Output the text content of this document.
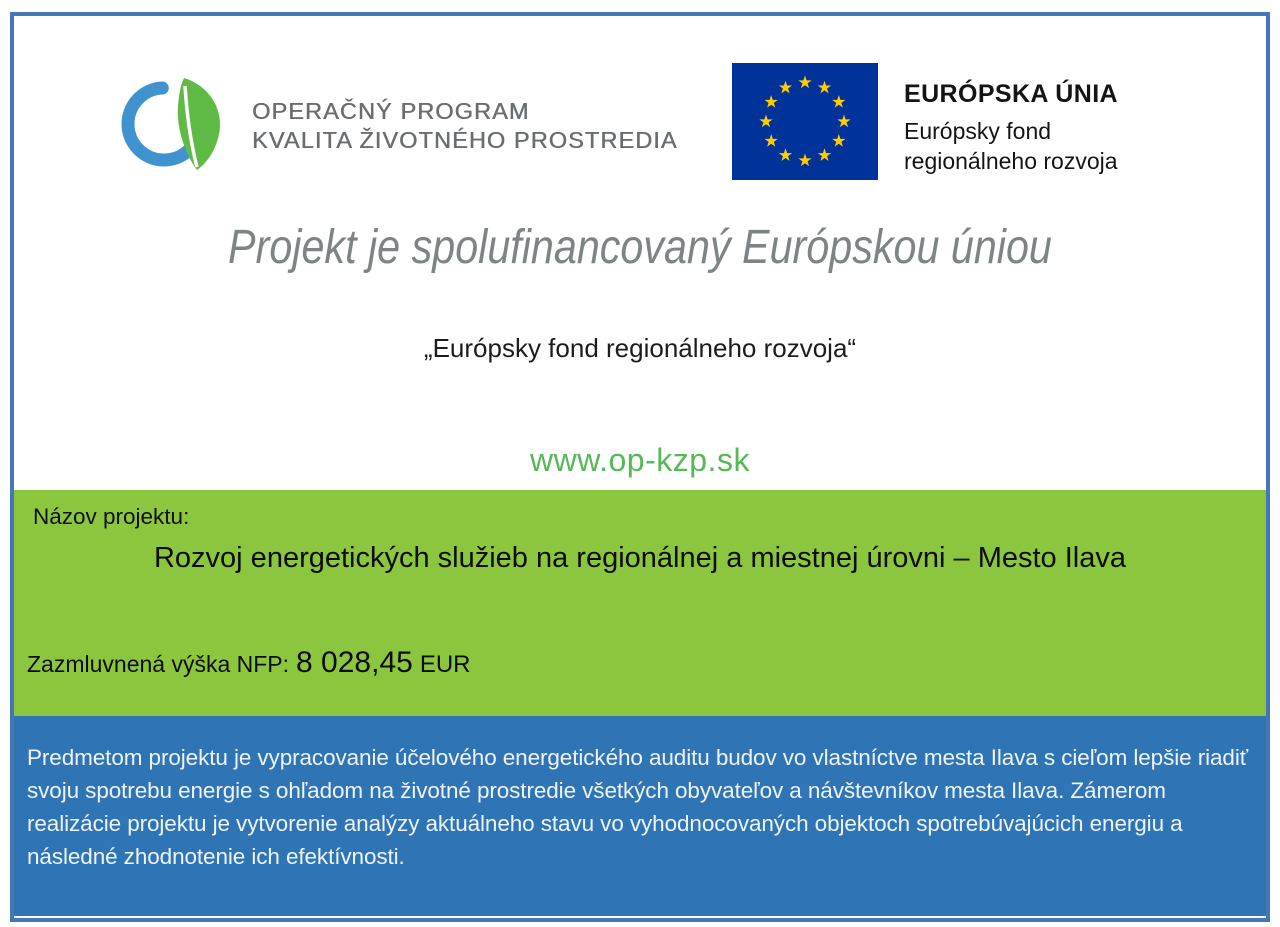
OPERAČNÝ PROGRAM
KVALITA ŽIVOTNÉHO PROSTREDIA
EURÓPSKA ÚNIA
Európsky fond
regionálneho rozvoja
Projekt je spolufinancovaný Európskou úniou
„Európsky fond regionálneho rozvoja“
www.op-kzp.sk
Názov projektu:
Rozvoj energetických služieb na regionálnej a miestnej úrovni – Mesto Ilava
Zazmluvnená výška NFP: 8 028,45 EUR

Predmetom projektu je vypracovanie účelového energetického auditu budov vo vlastníctve mesta Ilava s cieľom lepšie riadiť svoju spotrebu energie s ohľadom na životné prostredie všetkých obyvateľov a návštevníkov mesta Ilava. Zámerom realizácie projektu je vytvorenie analýzy aktuálneho stavu vo vyhodnocovaných objektoch spotrebúvajúcich energiu a následné zhodnotenie ich efektívnosti.
